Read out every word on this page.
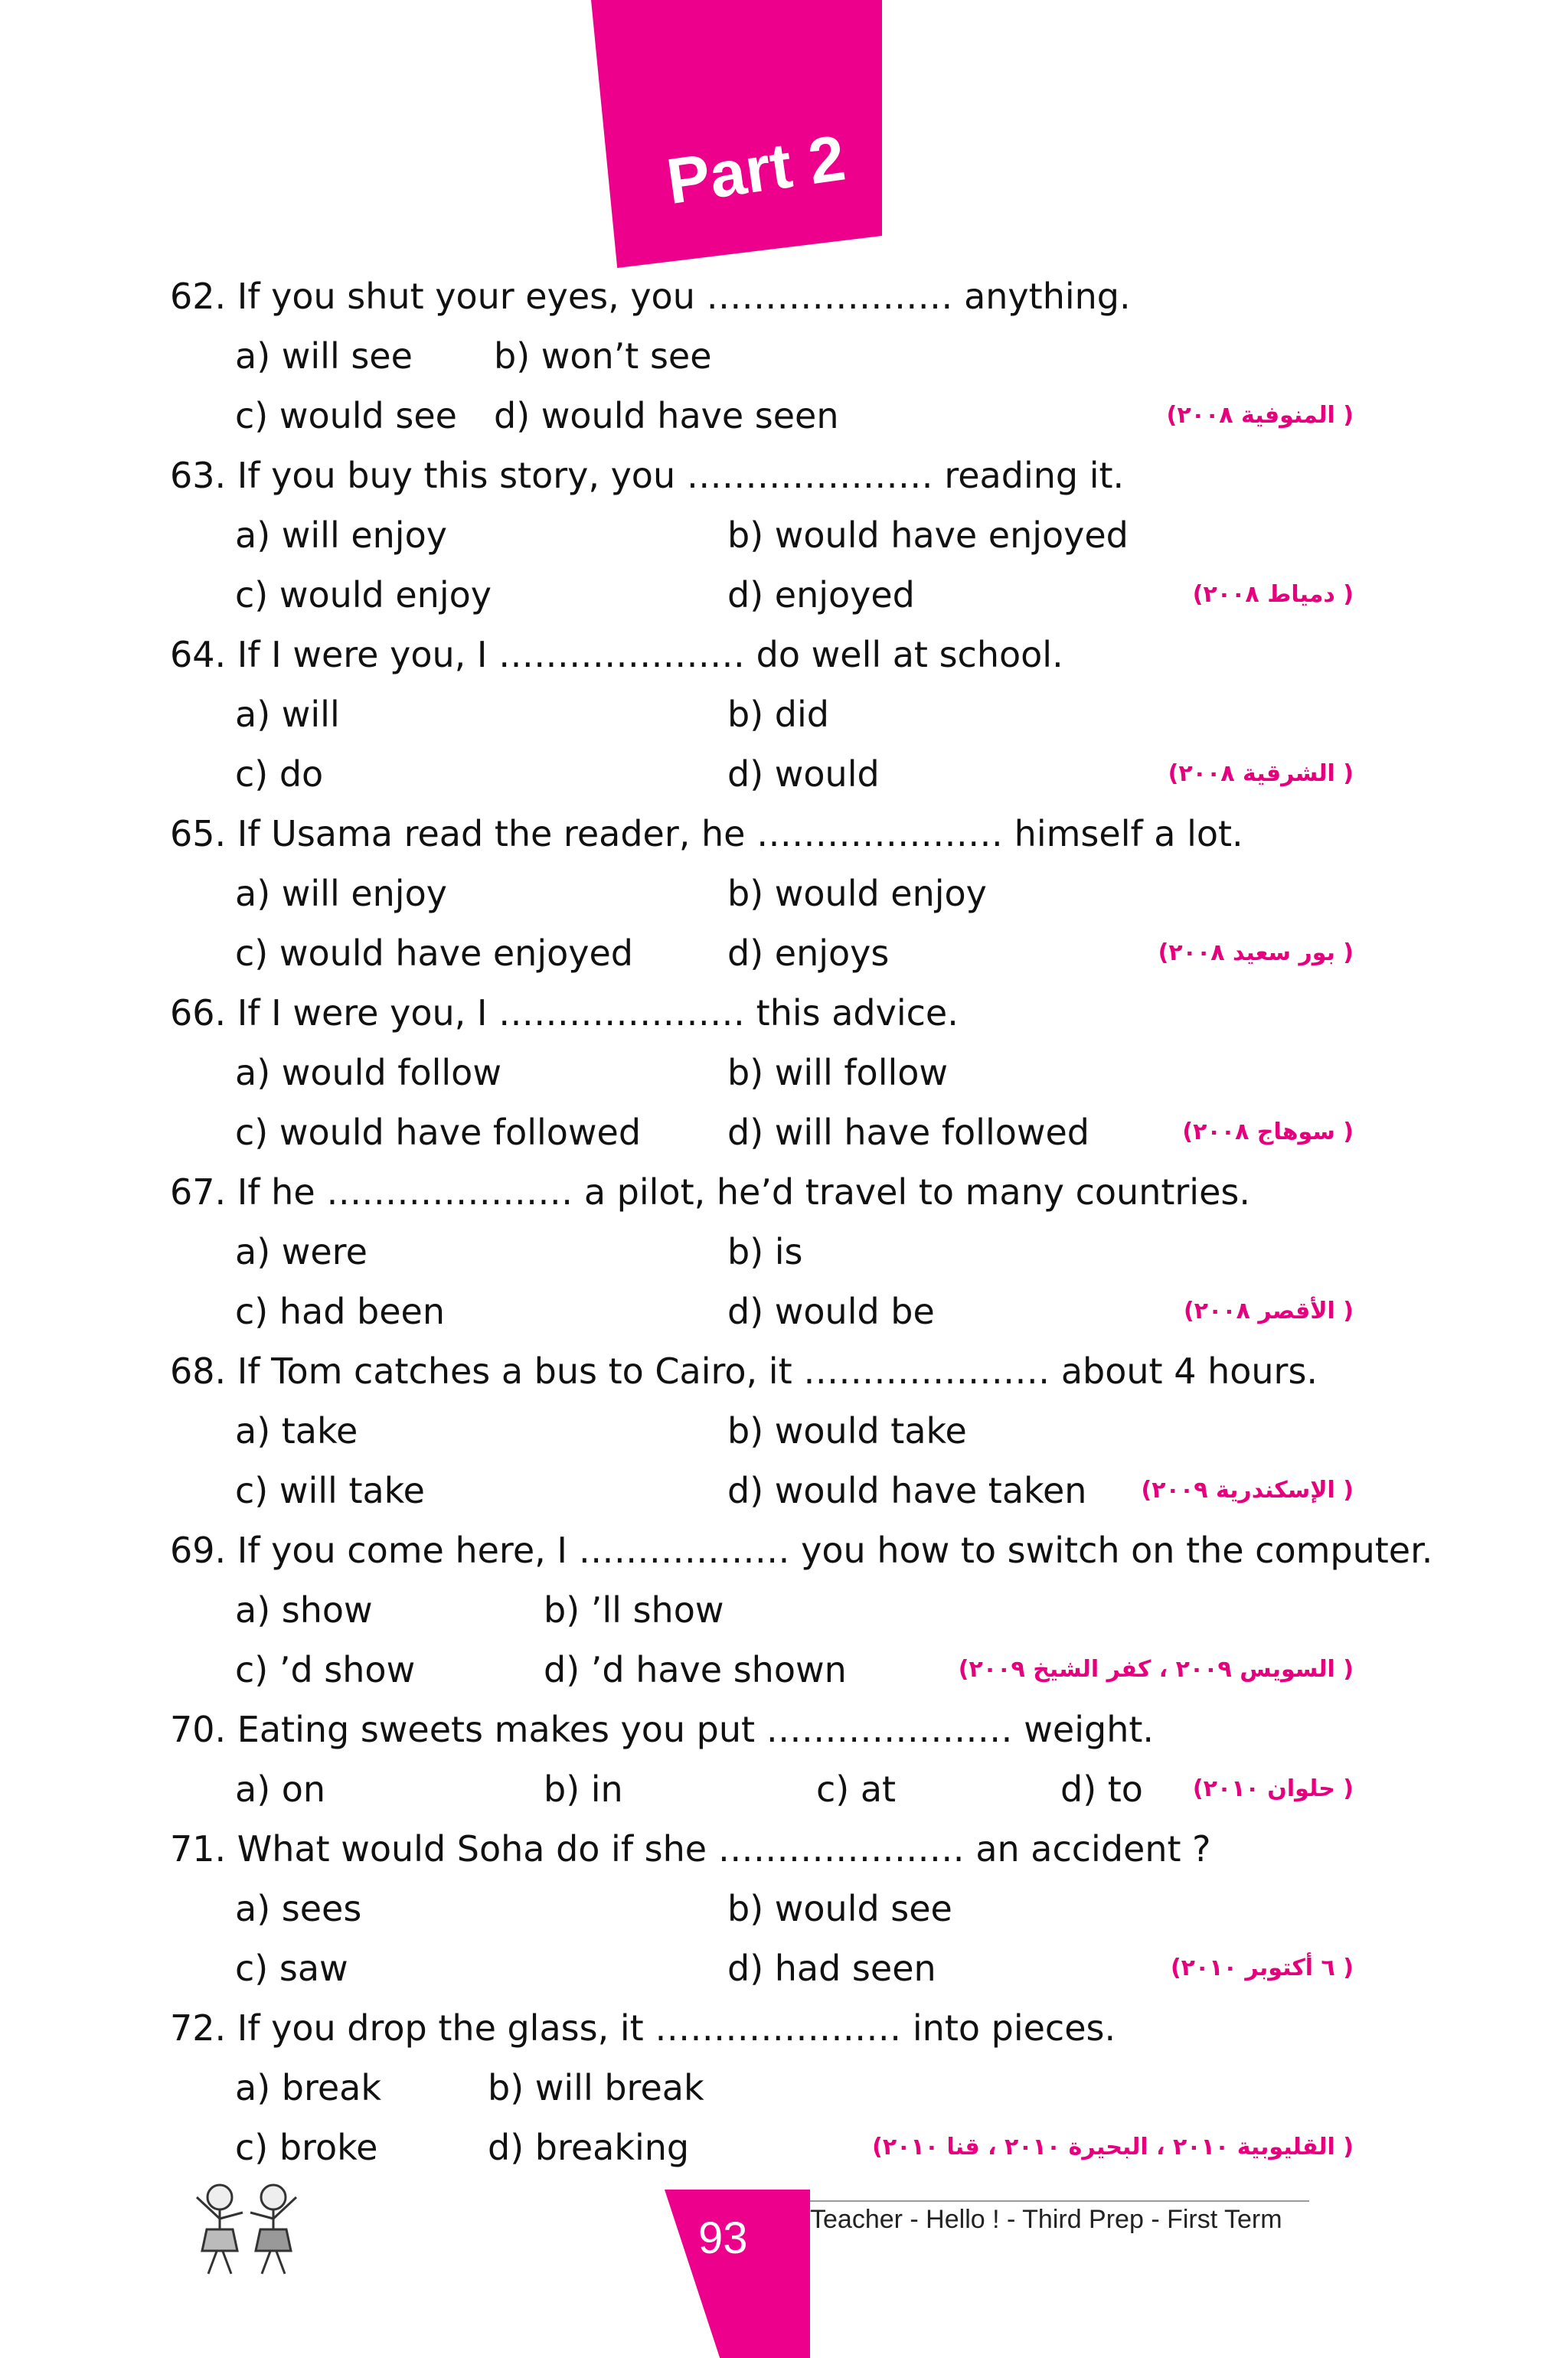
Part 2
62. If you shut your eyes, you ………………… anything.
a) will see b) won’t see
c) would see d) would have seen	( المنوفية ٢٠٠٨)
63. If you buy this story, you ………………… reading it.
a) will enjoy	b) would have enjoyed
c) would enjoy	d) enjoyed	( دمياط ٢٠٠٨)
64. If I were you, I ………………… do well at school.
a) will	b) did
c) do	d) would	( الشرقية ٢٠٠٨)
65. If Usama read the reader, he ………………… himself a lot.
a) will enjoy	b) would enjoy
c) would have enjoyed	d) enjoys	( بور سعيد ٢٠٠٨)
66. If I were you, I ………………… this advice.
a) would follow	b) will follow
c) would have followed d) will have followed	( سوهاج ٢٠٠٨)
67. If he ………………… a pilot, he’d travel to many countries.
a) were	b) is
c) had been	d) would be	( الأقصر ٢٠٠٨)
68. If Tom catches a bus to Cairo, it ………………… about 4 hours.
a) take	b) would take
c) will take	d) would have taken ( الإسكندرية ٢٠٠٩)
69. If you come here, I ……………… you how to switch on the computer.
a) show	b) ’ll show
c) ’d show	d) ’d have shown	( السويس ٢٠٠٩ ، كفر الشيخ ٢٠٠٩)
70. Eating sweets makes you put ………………… weight.
a) on	b) in	c) at	d) to ( حلوان ٢٠١٠)
71. What would Soha do if she ………………… an accident ?
a) sees	b) would see
c) saw	d) had seen	( ٦ أكتوبر ٢٠١٠)
72. If you drop the glass, it ………………… into pieces.
a) break	b) will break
c) broke	d) breaking	( القليوبية ٢٠١٠ ، البحيرة ٢٠١٠ ، قنا ٢٠١٠)
93 Teacher - Hello ! - Third Prep - First Term
